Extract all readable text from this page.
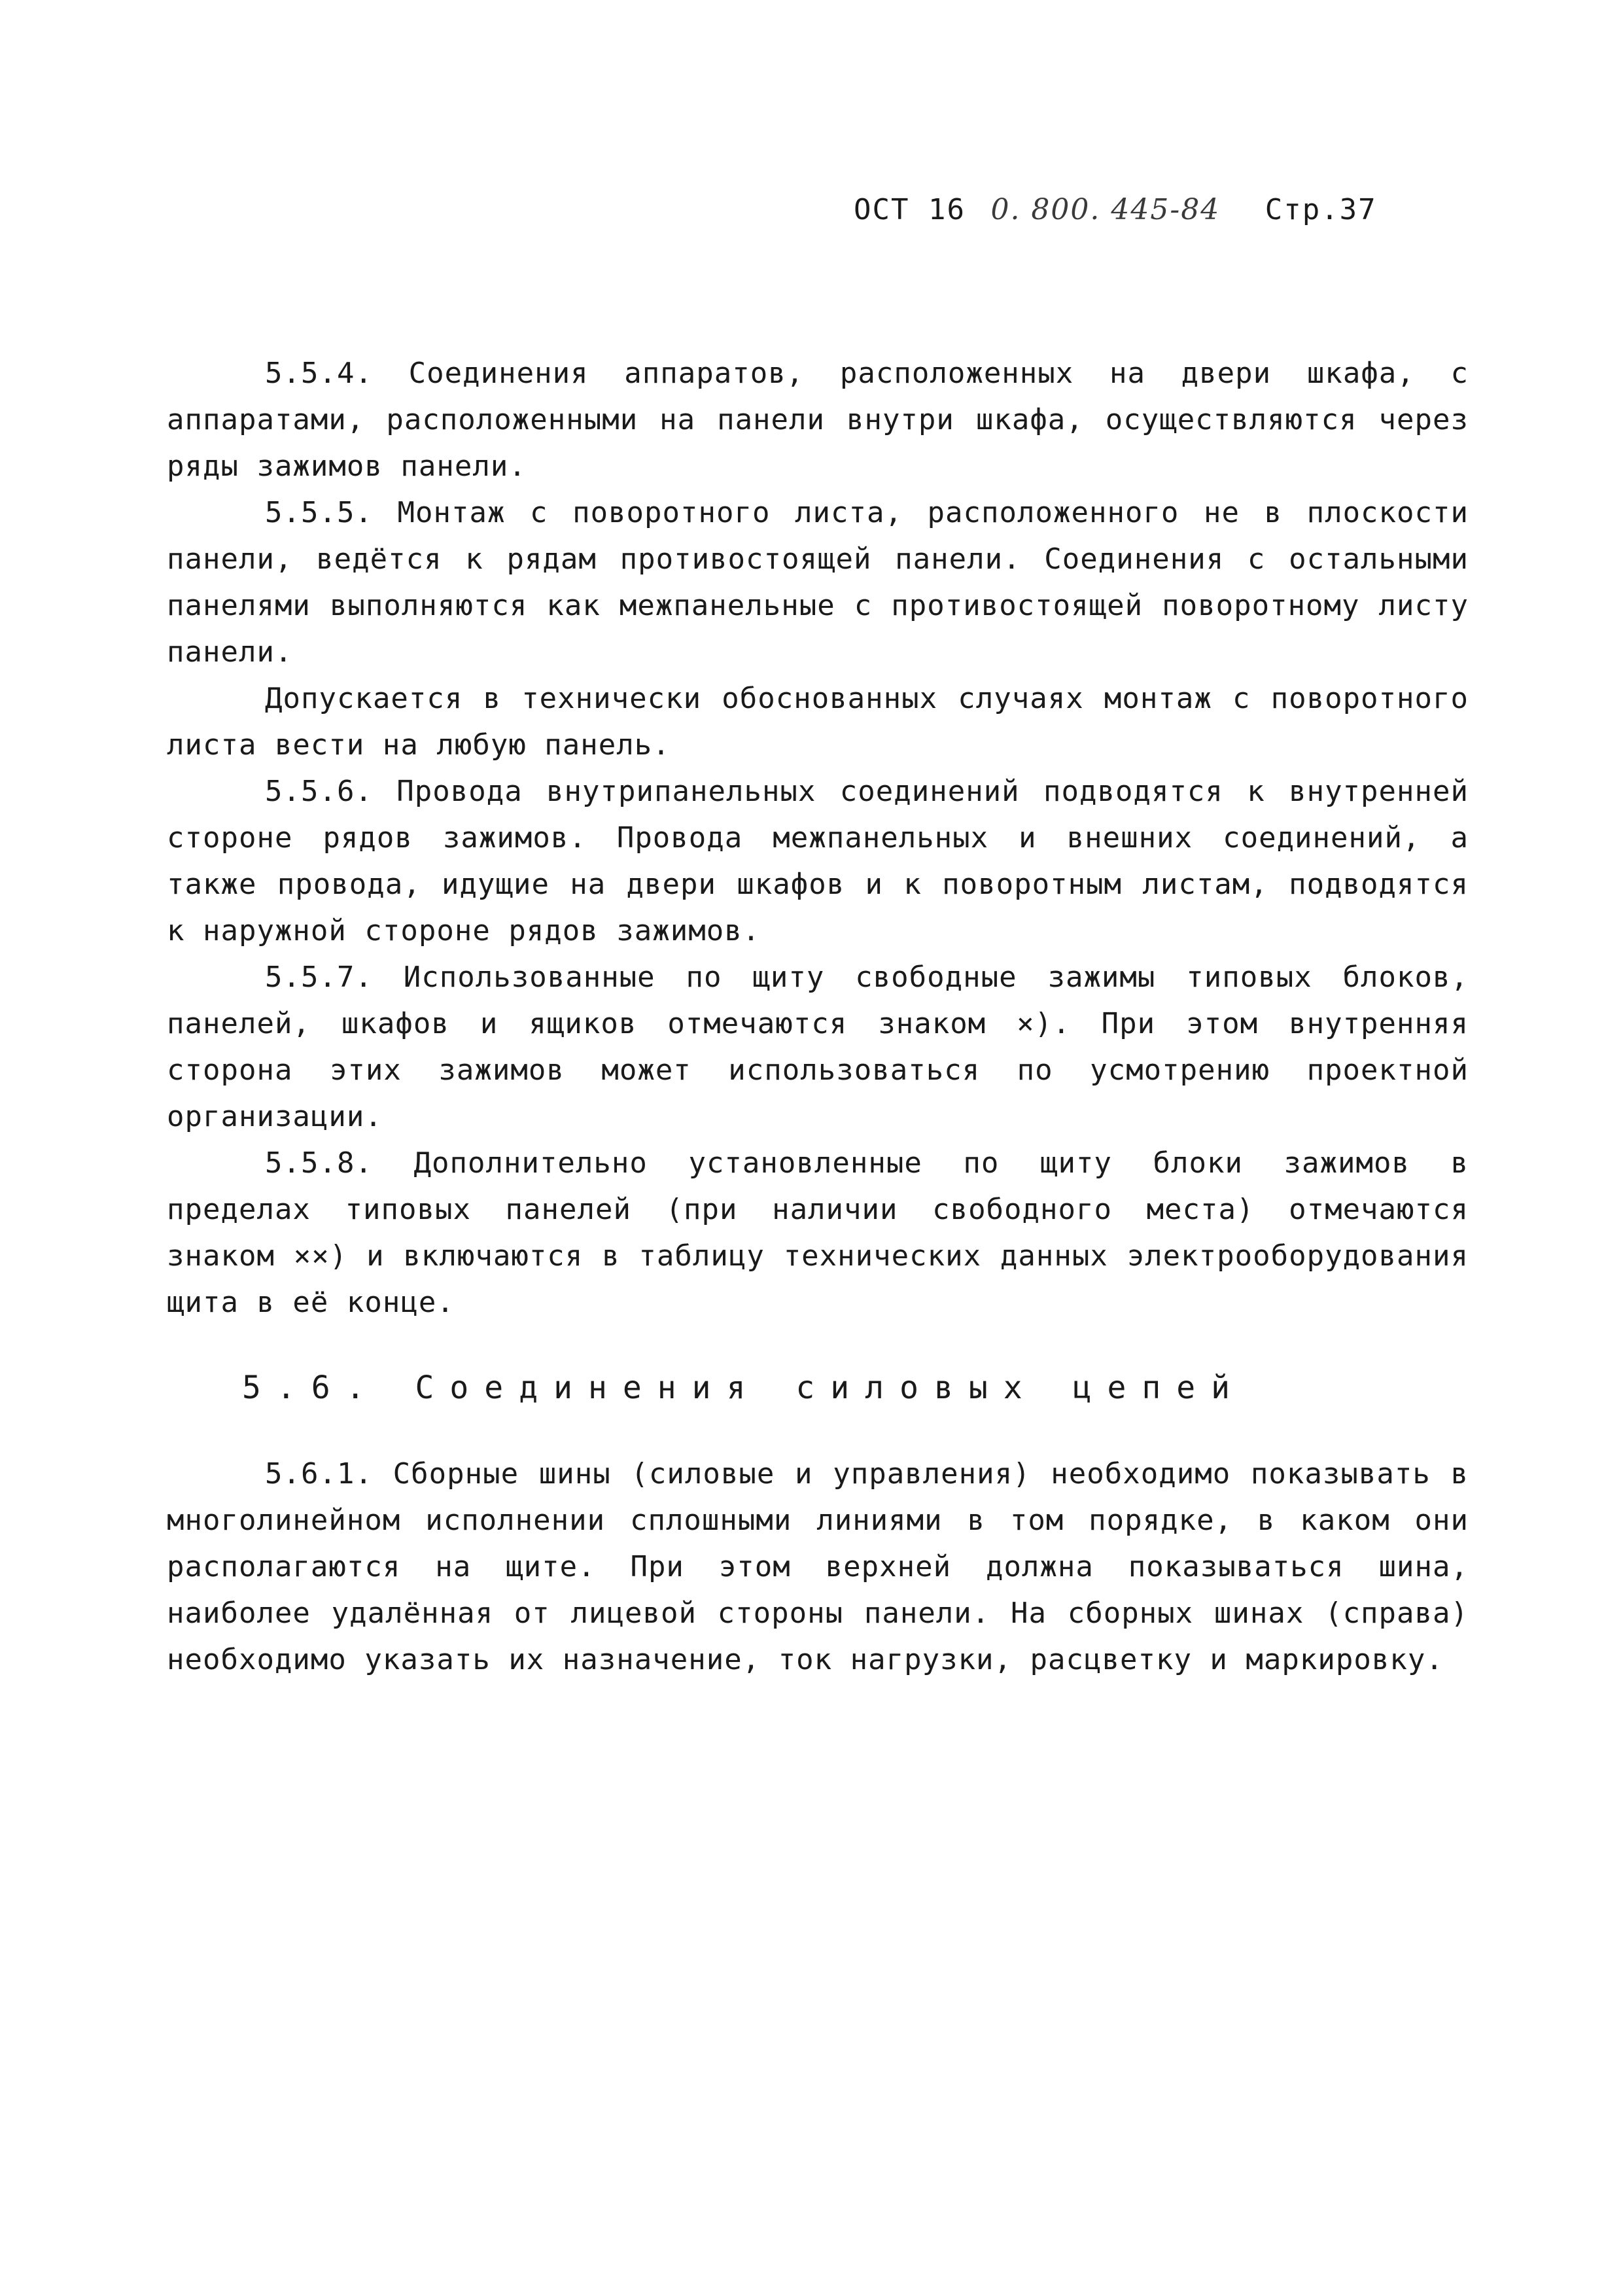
ОСТ 16 0. 800. 445-84 Стр.37

5.5.4. Соединения аппаратов, расположенных на двери шкафа, с аппаратами, расположенными на панели внутри шкафа, осуществляются через ряды зажимов панели.

5.5.5. Монтаж с поворотного листа, расположенного не в плоскости панели, ведётся к рядам противостоящей панели. Соединения с остальными панелями выполняются как межпанельные с противостоящей поворотному листу панели.

Допускается в технически обоснованных случаях монтаж с поворотного листа вести на любую панель.

5.5.6. Провода внутрипанельных соединений подводятся к внутренней стороне рядов зажимов. Провода межпанельных и внешних соединений, а также провода, идущие на двери шкафов и к поворотным листам, подводятся к наружной стороне рядов зажимов.

5.5.7. Использованные по щиту свободные зажимы типовых блоков, панелей, шкафов и ящиков отмечаются знаком ×). При этом внутренняя сторона этих зажимов может использоваться по усмотрению проектной организации.

5.5.8. Дополнительно установленные по щиту блоки зажимов в пределах типовых панелей (при наличии свободного места) отмечаются знаком ××) и включаются в таблицу технических данных электрооборудования щита в её конце.

5.6. Соединения силовых цепей

5.6.1. Сборные шины (силовые и управления) необходимо показывать в многолинейном исполнении сплошными линиями в том порядке, в каком они располагаются на щите. При этом верхней должна показываться шина, наиболее удалённая от лицевой стороны панели. На сборных шинах (справа) необходимо указать их назначение, ток нагрузки, расцветку и маркировку.
